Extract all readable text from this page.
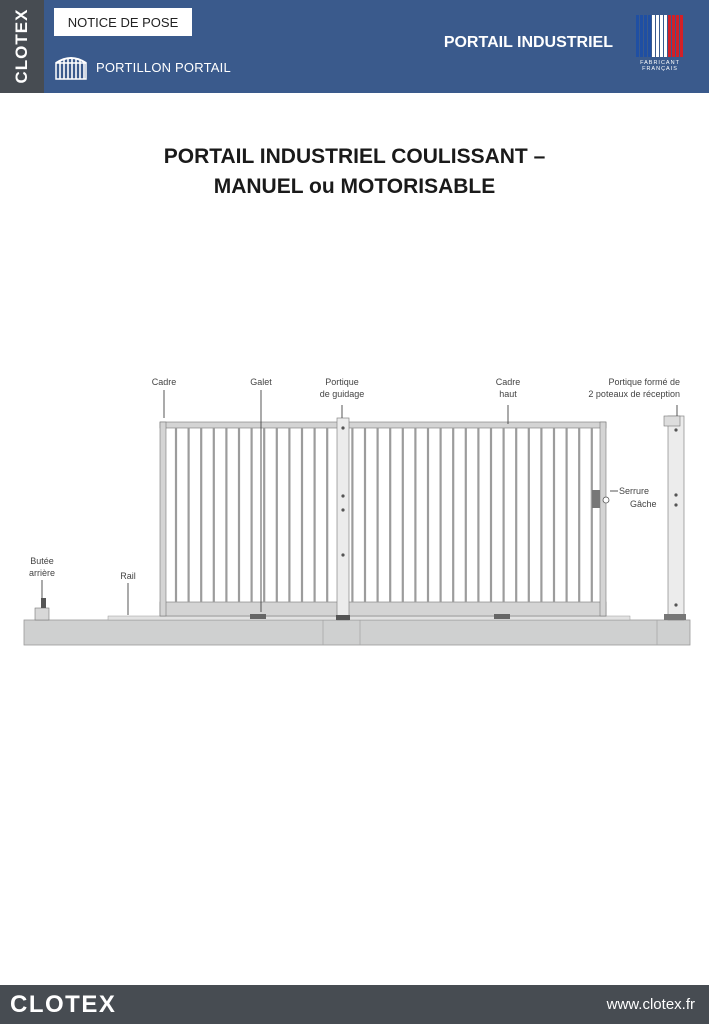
CLOTEX	NOTICE DE POSE
PORTILLON PORTAIL
PORTAIL INDUSTRIEL
FABRICANT FRANÇAIS
PORTAIL INDUSTRIEL COULISSANT –
MANUEL ou MOTORISABLE
Cadre	Galet	Portique
de guidage
Cadre
haut
Portique formé de
2 poteaux de réception
Serrure
Gâche
Butée
arrière	Rail
CLOTEX	www.clotex.fr
